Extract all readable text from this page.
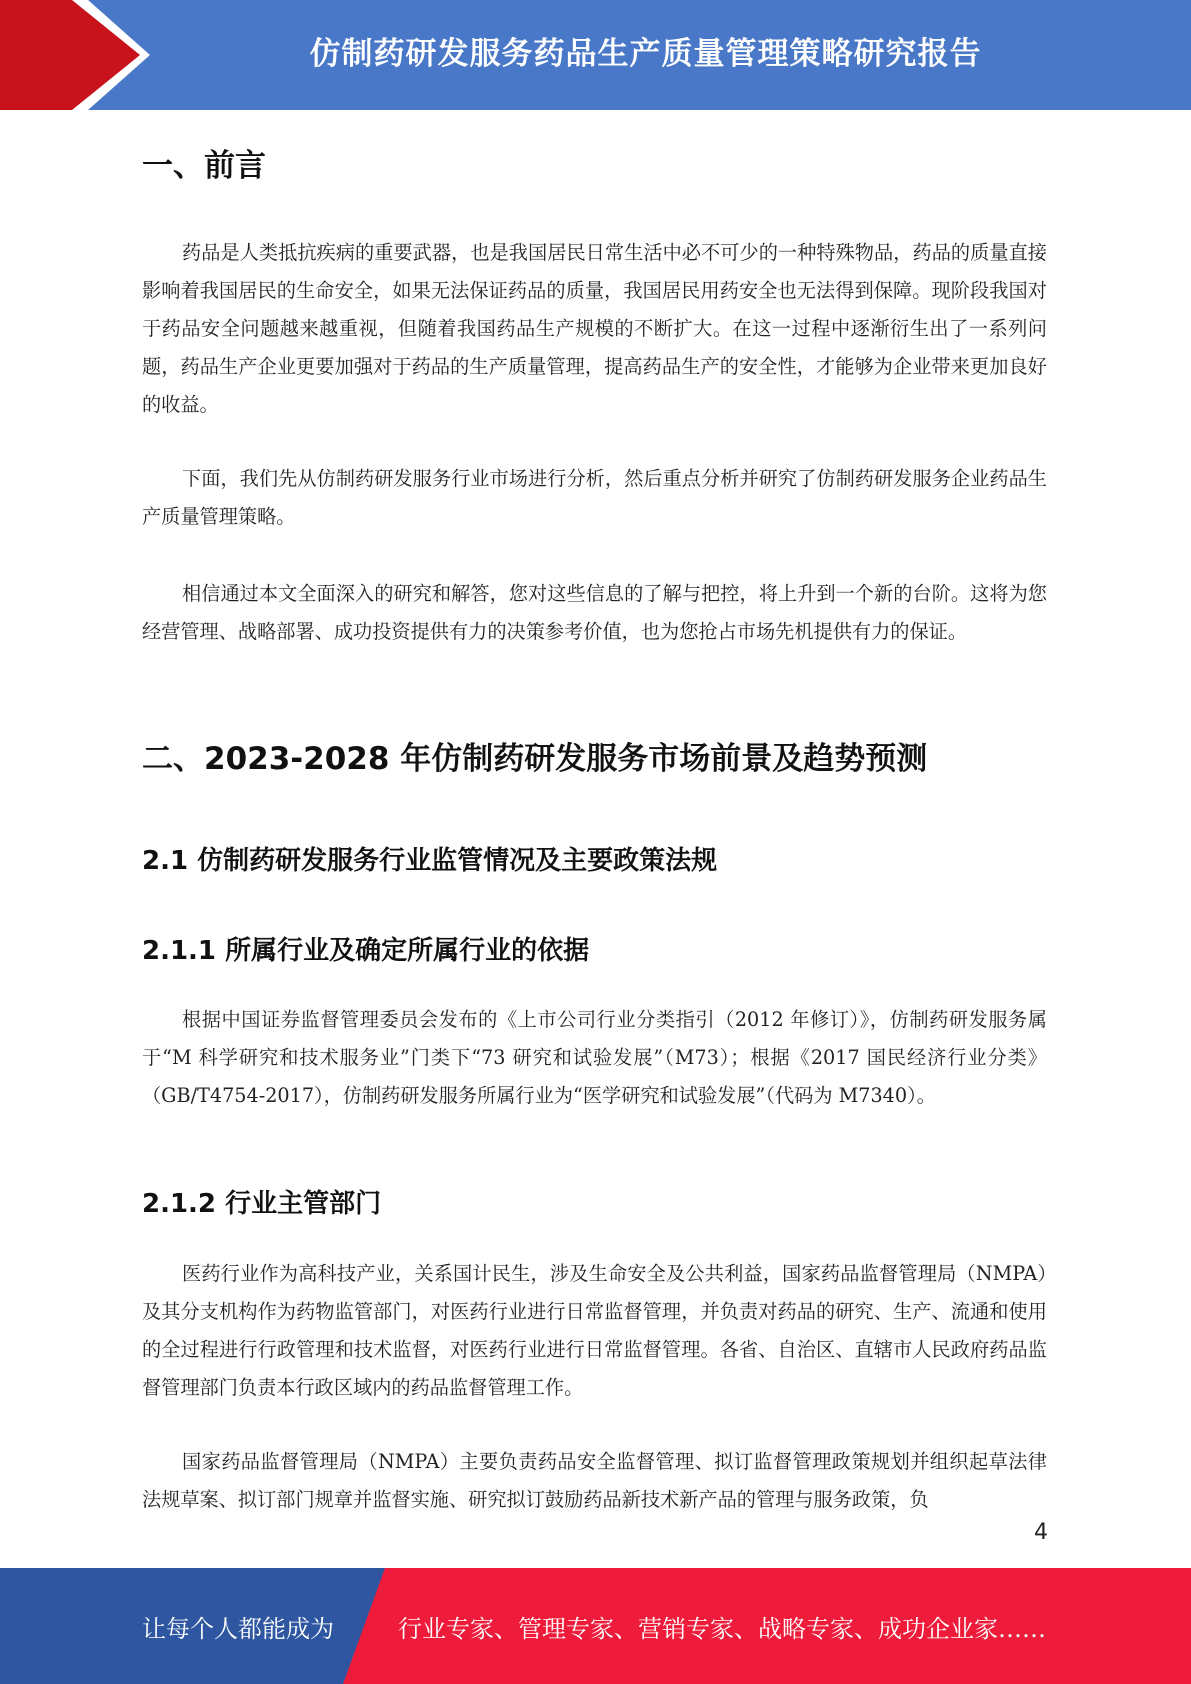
仿制药研发服务药品生产质量管理策略研究报告
一、前言

药品是人类抵抗疾病的重要武器，也是我国居民日常生活中必不可少的一种特殊物品，药品的质量直接影响着我国居民的生命安全，如果无法保证药品的质量，我国居民用药安全也无法得到保障。现阶段我国对于药品安全问题越来越重视，但随着我国药品生产规模的不断扩大。在这一过程中逐渐衍生出了一系列问题，药品生产企业更要加强对于药品的生产质量管理，提高药品生产的安全性，才能够为企业带来更加良好的收益。

下面，我们先从仿制药研发服务行业市场进行分析，然后重点分析并研究了仿制药研发服务企业药品生产质量管理策略。

相信通过本文全面深入的研究和解答，您对这些信息的了解与把控，将上升到一个新的台阶。这将为您经营管理、战略部署、成功投资提供有力的决策参考价值，也为您抢占市场先机提供有力的保证。

二、2023-2028 年仿制药研发服务市场前景及趋势预测
2.1 仿制药研发服务行业监管情况及主要政策法规
2.1.1 所属行业及确定所属行业的依据

根据中国证券监督管理委员会发布的《上市公司行业分类指引（2012 年修订）》，仿制药研发服务属于“M 科学研究和技术服务业”门类下“73 研究和试验发展”（M73）；根据《2017 国民经济行业分类》（GB/T4754-2017），仿制药研发服务所属行业为“医学研究和试验发展”（代码为 M7340）。

2.1.2 行业主管部门

医药行业作为高科技产业，关系国计民生，涉及生命安全及公共利益，国家药品监督管理局（NMPA）及其分支机构作为药物监管部门，对医药行业进行日常监督管理，并负责对药品的研究、生产、流通和使用的全过程进行行政管理和技术监督，对医药行业进行日常监督管理。各省、自治区、直辖市人民政府药品监督管理部门负责本行政区域内的药品监督管理工作。

国家药品监督管理局（NMPA）主要负责药品安全监督管理、拟订监督管理政策规划并组织起草法律法规草案、拟订部门规章并监督实施、研究拟订鼓励药品新技术新产品的管理与服务政策，负

4
让每个人都能成为	行业专家、管理专家、营销专家、战略专家、成功企业家……
